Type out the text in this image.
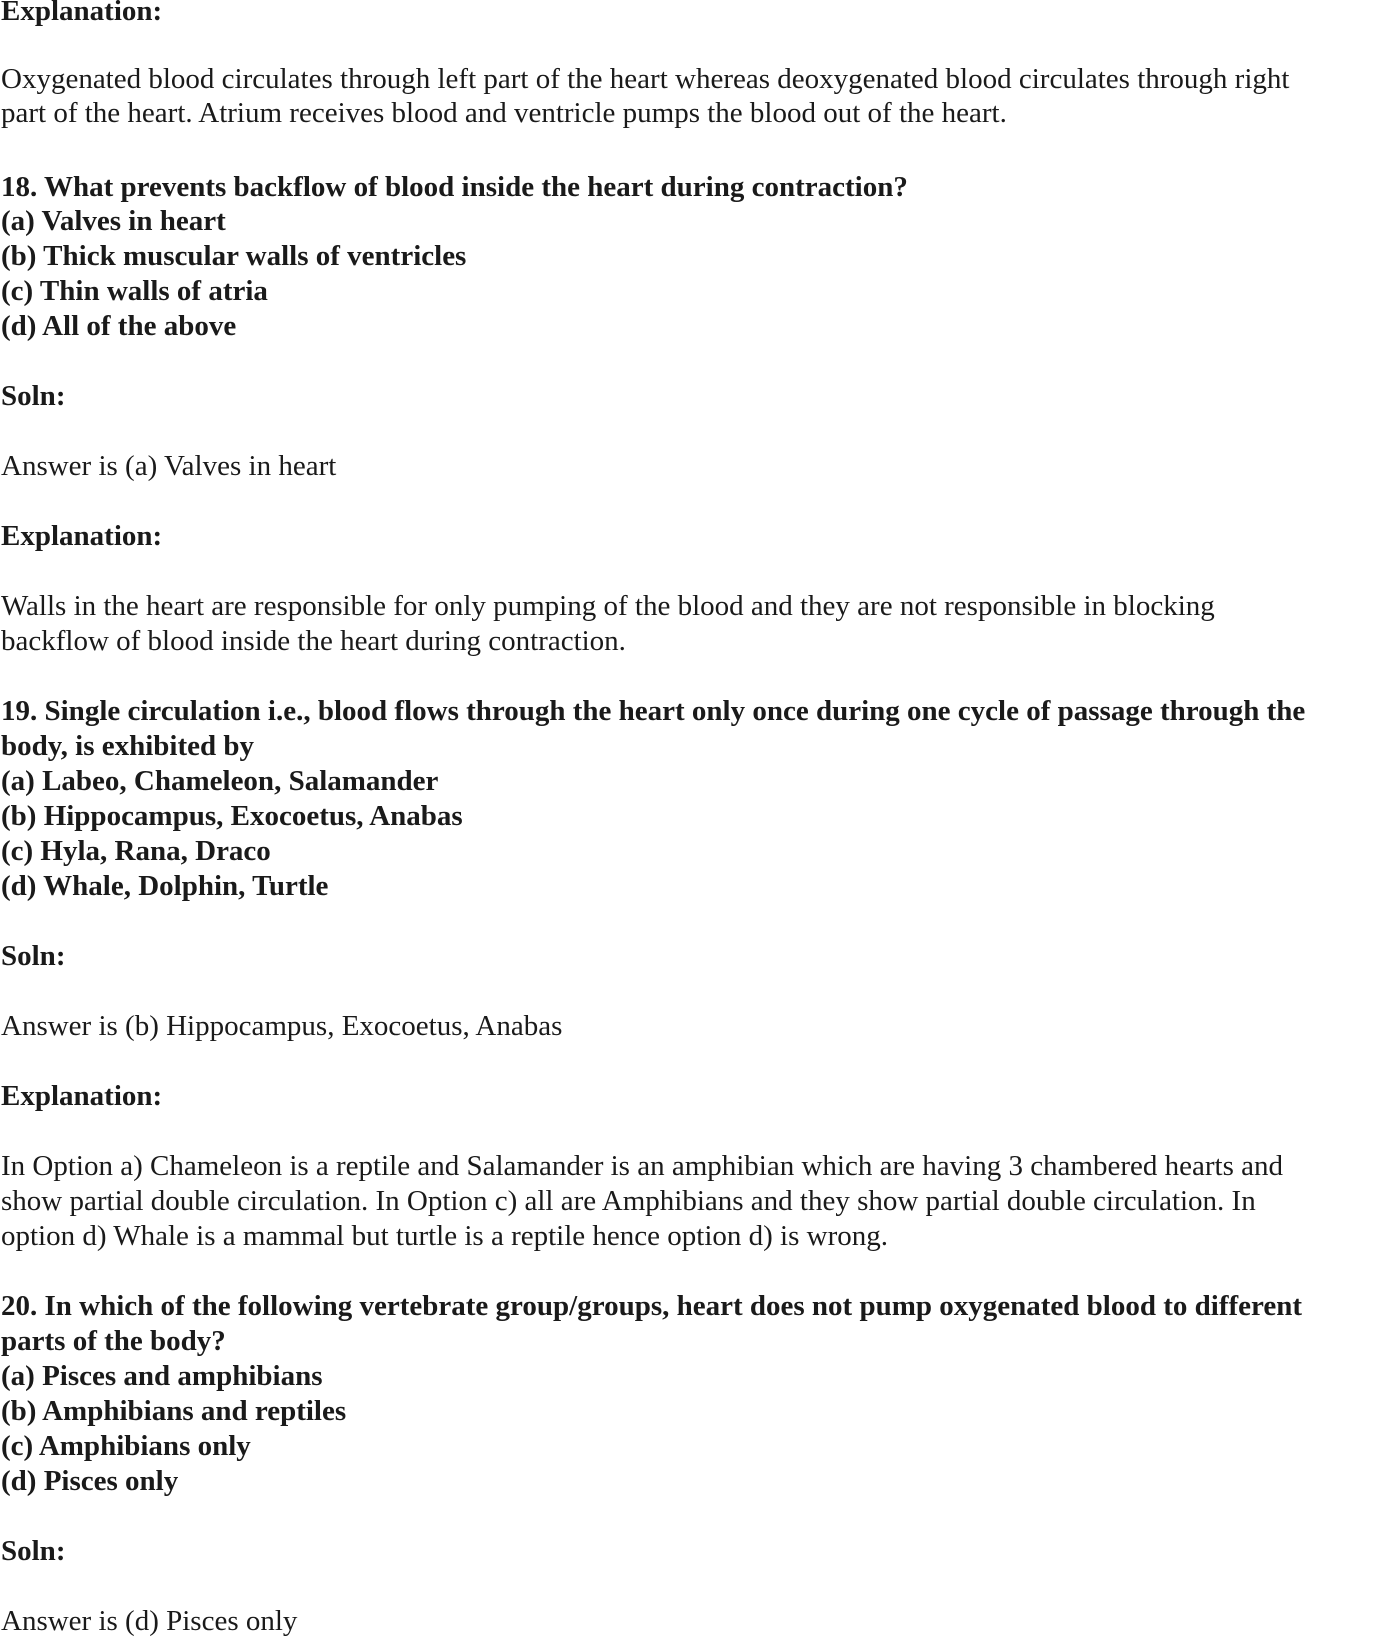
Explanation:
Oxygenated blood circulates through left part of the heart whereas deoxygenated blood circulates through right
part of the heart. Atrium receives blood and ventricle pumps the blood out of the heart.
18. What prevents backflow of blood inside the heart during contraction?
(a) Valves in heart
(b) Thick muscular walls of ventricles
(c) Thin walls of atria
(d) All of the above
Soln:
Answer is (a) Valves in heart
Explanation:
Walls in the heart are responsible for only pumping of the blood and they are not responsible in blocking
backflow of blood inside the heart during contraction.
19. Single circulation i.e., blood flows through the heart only once during one cycle of passage through the
body, is exhibited by
(a) Labeo, Chameleon, Salamander
(b) Hippocampus, Exocoetus, Anabas
(c) Hyla, Rana, Draco
(d) Whale, Dolphin, Turtle
Soln:
Answer is (b) Hippocampus, Exocoetus, Anabas
Explanation:
In Option a) Chameleon is a reptile and Salamander is an amphibian which are having 3 chambered hearts and
show partial double circulation. In Option c) all are Amphibians and they show partial double circulation. In
option d) Whale is a mammal but turtle is a reptile hence option d) is wrong.
20. In which of the following vertebrate group/groups, heart does not pump oxygenated blood to different
parts of the body?
(a) Pisces and amphibians
(b) Amphibians and reptiles
(c) Amphibians only
(d) Pisces only
Soln:
Answer is (d) Pisces only
